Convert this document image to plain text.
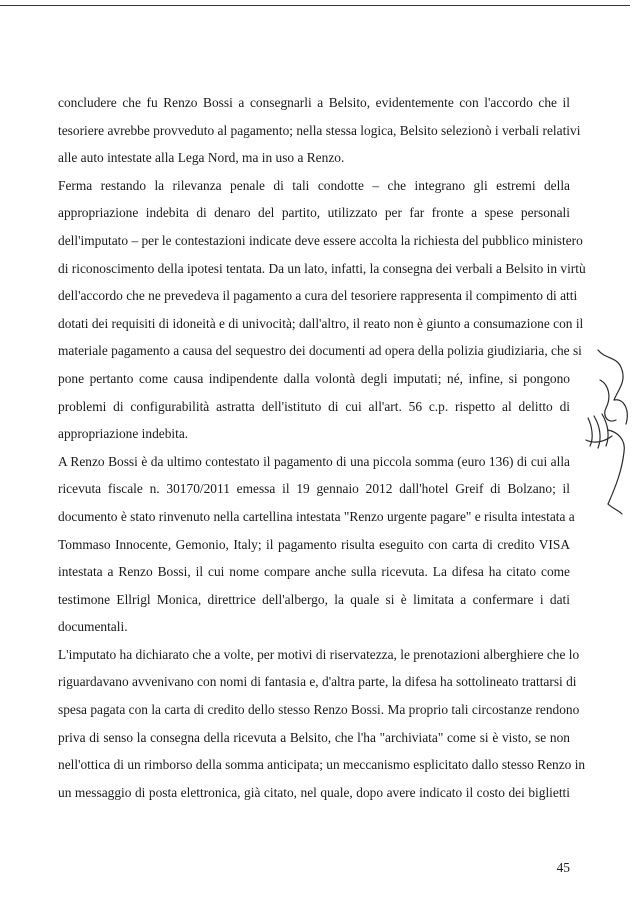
concludere che fu Renzo Bossi a consegnarli a Belsito, evidentemente con l'accordo che il
tesoriere avrebbe provveduto al pagamento; nella stessa logica, Belsito selezionò i verbali relativi
alle auto intestate alla Lega Nord, ma in uso a Renzo.
Ferma restando la rilevanza penale di tali condotte – che integrano gli estremi della
appropriazione indebita di denaro del partito, utilizzato per far fronte a spese personali
dell'imputato – per le contestazioni indicate deve essere accolta la richiesta del pubblico ministero
di riconoscimento della ipotesi tentata. Da un lato, infatti, la consegna dei verbali a Belsito in virtù
dell'accordo che ne prevedeva il pagamento a cura del tesoriere rappresenta il compimento di atti
dotati dei requisiti di idoneità e di univocità; dall'altro, il reato non è giunto a consumazione con il
materiale pagamento a causa del sequestro dei documenti ad opera della polizia giudiziaria, che si
pone pertanto come causa indipendente dalla volontà degli imputati; né, infine, si pongono
problemi di configurabilità astratta dell'istituto di cui all'art. 56 c.p. rispetto al delitto di
appropriazione indebita.
A Renzo Bossi è da ultimo contestato il pagamento di una piccola somma (euro 136) di cui alla
ricevuta fiscale n. 30170/2011 emessa il 19 gennaio 2012 dall'hotel Greif di Bolzano; il
documento è stato rinvenuto nella cartellina intestata "Renzo urgente pagare" e risulta intestata a
Tommaso Innocente, Gemonio, Italy; il pagamento risulta eseguito con carta di credito VISA
intestata a Renzo Bossi, il cui nome compare anche sulla ricevuta. La difesa ha citato come
testimone Ellrigl Monica, direttrice dell'albergo, la quale si è limitata a confermare i dati
documentali.
L'imputato ha dichiarato che a volte, per motivi di riservatezza, le prenotazioni alberghiere che lo
riguardavano avvenivano con nomi di fantasia e, d'altra parte, la difesa ha sottolineato trattarsi di
spesa pagata con la carta di credito dello stesso Renzo Bossi. Ma proprio tali circostanze rendono
priva di senso la consegna della ricevuta a Belsito, che l'ha "archiviata" come si è visto, se non
nell'ottica di un rimborso della somma anticipata; un meccanismo esplicitato dallo stesso Renzo in
un messaggio di posta elettronica, già citato, nel quale, dopo avere indicato il costo dei biglietti
45
